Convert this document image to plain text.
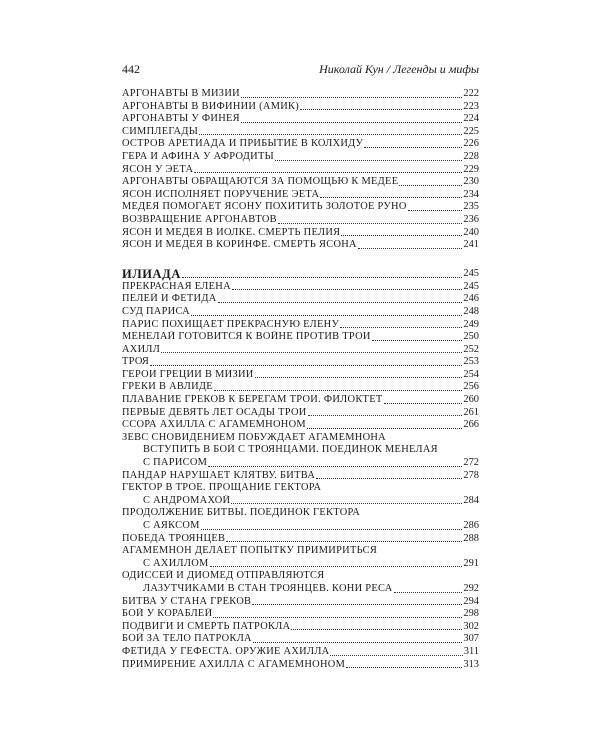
442	Николай Кун / Легенды и мифы
АРГОНАВТЫ В МИЗИИ	222
АРГОНАВТЫ В ВИФИНИИ (АМИК)	223
АРГОНАВТЫ У ФИНЕЯ	224
СИМПЛЕГАДЫ	225
ОСТРОВ АРЕТИАДА И ПРИБЫТИЕ В КОЛХИДУ	226
ГЕРА И АФИНА У АФРОДИТЫ	228
ЯСОН У ЭЕТА	229
АРГОНАВТЫ ОБРАЩАЮТСЯ ЗА ПОМОЩЬЮ К МЕДЕЕ	230
ЯСОН ИСПОЛНЯЕТ ПОРУЧЕНИЕ ЭЕТА	234
МЕДЕЯ ПОМОГАЕТ ЯСОНУ ПОХИТИТЬ ЗОЛОТОЕ РУНО	235
ВОЗВРАЩЕНИЕ АРГОНАВТОВ	236
ЯСОН И МЕДЕЯ В ИОЛКЕ. СМЕРТЬ ПЕЛИЯ	240
ЯСОН И МЕДЕЯ В КОРИНФЕ. СМЕРТЬ ЯСОНА	241
ИЛИАДА	245
ПРЕКРАСНАЯ ЕЛЕНА	245
ПЕЛЕЙ И ФЕТИДА	246
СУД ПАРИСА	248
ПАРИС ПОХИЩАЕТ ПРЕКРАСНУЮ ЕЛЕНУ	249
МЕНЕЛАЙ ГОТОВИТСЯ К ВОЙНЕ ПРОТИВ ТРОИ	250
АХИЛЛ	252
ТРОЯ	253
ГЕРОИ ГРЕЦИИ В МИЗИИ	254
ГРЕКИ В АВЛИДЕ	256
ПЛАВАНИЕ ГРЕКОВ К БЕРЕГАМ ТРОИ. ФИЛОКТЕТ	260
ПЕРВЫЕ ДЕВЯТЬ ЛЕТ ОСАДЫ ТРОИ	261
ССОРА АХИЛЛА С АГАМЕМНОНОМ	266
ЗЕВС СНОВИДЕНИЕМ ПОБУЖДАЕТ АГАМЕМНОНА
ВСТУПИТЬ В БОЙ С ТРОЯНЦАМИ. ПОЕДИНОК МЕНЕЛАЯ
С ПАРИСОМ	272
ПАНДАР НАРУШАЕТ КЛЯТВУ. БИТВА	278
ГЕКТОР В ТРОЕ. ПРОЩАНИЕ ГЕКТОРА
С АНДРОМАХОЙ	284
ПРОДОЛЖЕНИЕ БИТВЫ. ПОЕДИНОК ГЕКТОРА
С АЯКСОМ	286
ПОБЕДА ТРОЯНЦЕВ	288
АГАМЕМНОН ДЕЛАЕТ ПОПЫТКУ ПРИМИРИТЬСЯ
С АХИЛЛОМ	291
ОДИССЕЙ И ДИОМЕД ОТПРАВЛЯЮТСЯ
ЛАЗУТЧИКАМИ В СТАН ТРОЯНЦЕВ. КОНИ РЕСА	292
БИТВА У СТАНА ГРЕКОВ	294
БОЙ У КОРАБЛЕЙ	298
ПОДВИГИ И СМЕРТЬ ПАТРОКЛА	302
БОЙ ЗА ТЕЛО ПАТРОКЛА	307
ФЕТИДА У ГЕФЕСТА. ОРУЖИЕ АХИЛЛА	311
ПРИМИРЕНИЕ АХИЛЛА С АГАМЕМНОНОМ	313
